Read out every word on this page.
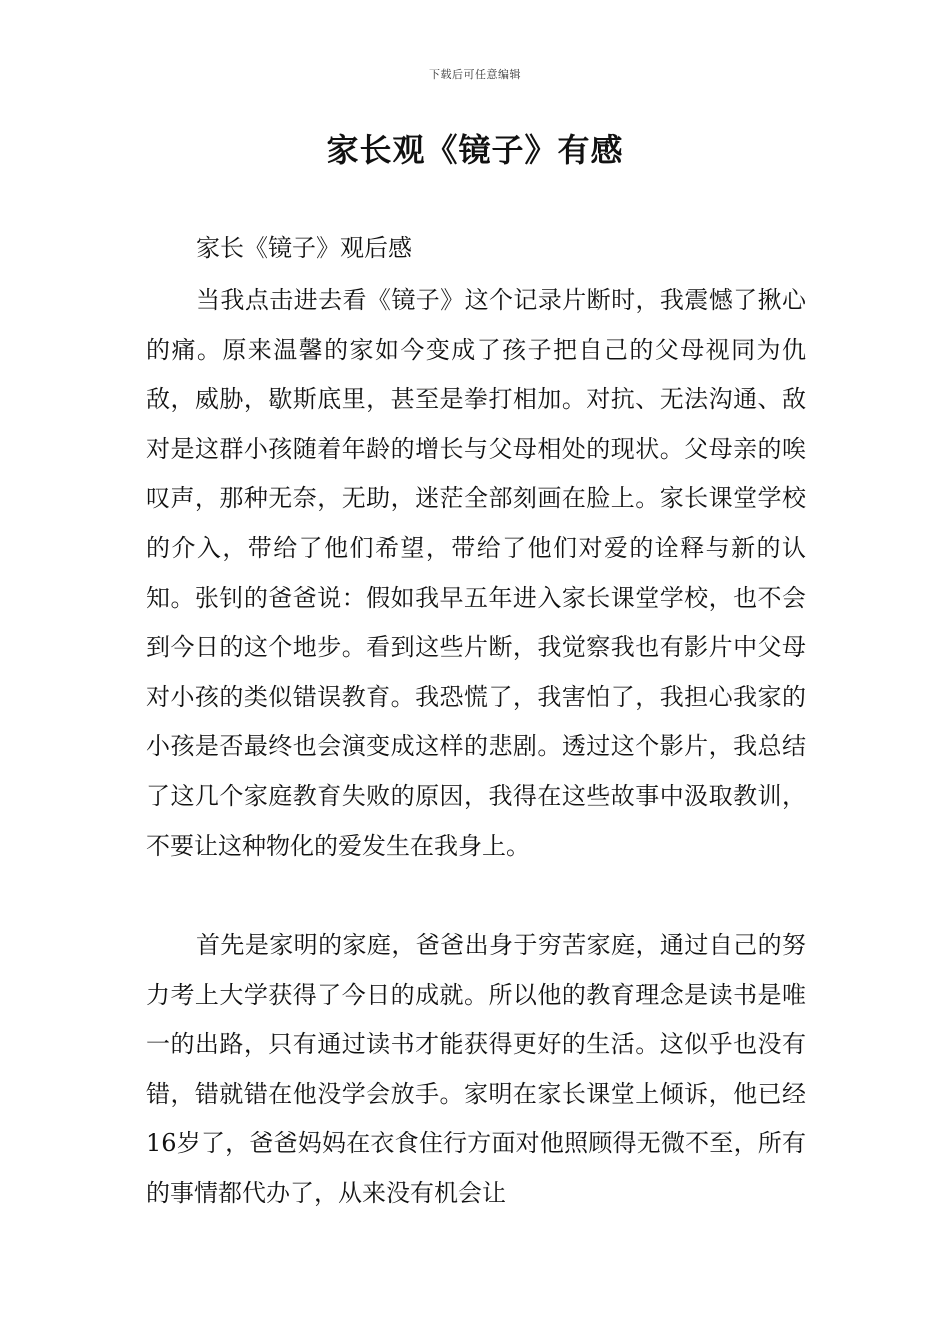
下载后可任意编辑
家长观《镜子》有感

家长《镜子》观后感

当我点击进去看《镜子》这个记录片断时，我震憾了揪心的痛。原来温馨的家如今变成了孩子把自己的父母视同为仇敌，威胁，歇斯底里，甚至是拳打相加。对抗、无法沟通、敌对是这群小孩随着年龄的增长与父母相处的现状。父母亲的唉叹声，那种无奈，无助，迷茫全部刻画在脸上。家长课堂学校的介入，带给了他们希望，带给了他们对爱的诠释与新的认知。张钊的爸爸说：假如我早五年进入家长课堂学校，也不会到今日的这个地步。看到这些片断，我觉察我也有影片中父母对小孩的类似错误教育。我恐慌了，我害怕了，我担心我家的小孩是否最终也会演变成这样的悲剧。透过这个影片，我总结了这几个家庭教育失败的原因，我得在这些故事中汲取教训，不要让这种物化的爱发生在我身上。

首先是家明的家庭，爸爸出身于穷苦家庭，通过自己的努力考上大学获得了今日的成就。所以他的教育理念是读书是唯一的出路，只有通过读书才能获得更好的生活。这似乎也没有错，错就错在他没学会放手。家明在家长课堂上倾诉，他已经16岁了，爸爸妈妈在衣食住行方面对他照顾得无微不至，所有的事情都代办了，从来没有机会让
